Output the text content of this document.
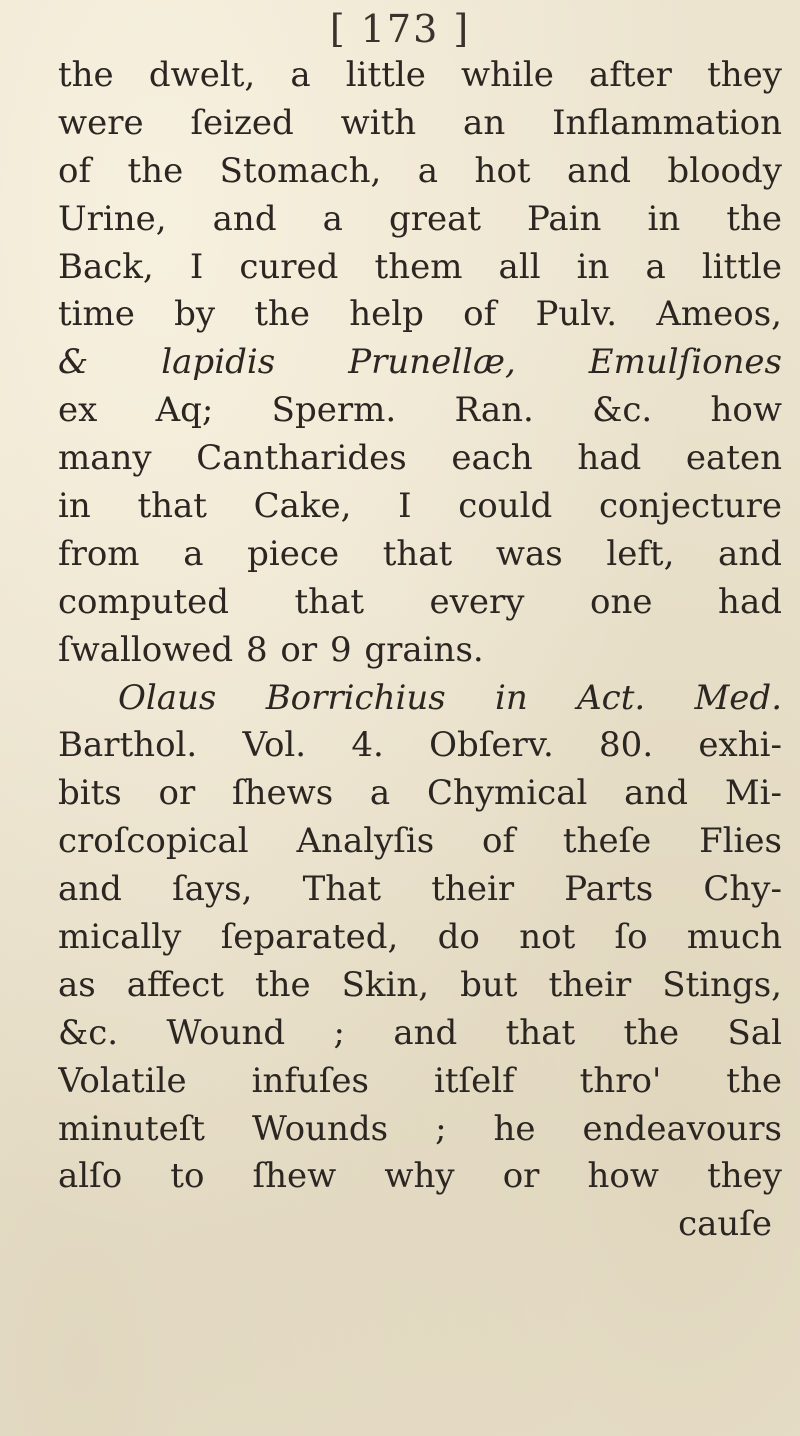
[ 173 ]
the dwelt, a little while after they
were ſeized with an Inflammation
of the Stomach, a hot and bloody
Urine, and a great Pain in the
Back, I cured them all in a little
time by the help of Pulv. Ameos,
& lapidis Prunellæ, Emulſiones
ex Aq; Sperm. Ran. &c. how
many Cantharides each had eaten
in that Cake, I could conjecture
from a piece that was left, and
computed that every one had
ſwallowed 8 or 9 grains.
Olaus Borrichius in Act. Med.
Barthol. Vol. 4. Obſerv. 80. exhi-
bits or ſhews a Chymical and Mi-
croſcopical Analyſis of theſe Flies
and ſays, That their Parts Chy-
mically ſeparated, do not ſo much
as affect the Skin, but their Stings,
&c. Wound ; and that the Sal
Volatile infuſes itſelf thro' the
minuteſt Wounds ; he endeavours
alſo to ſhew why or how they
cauſe
